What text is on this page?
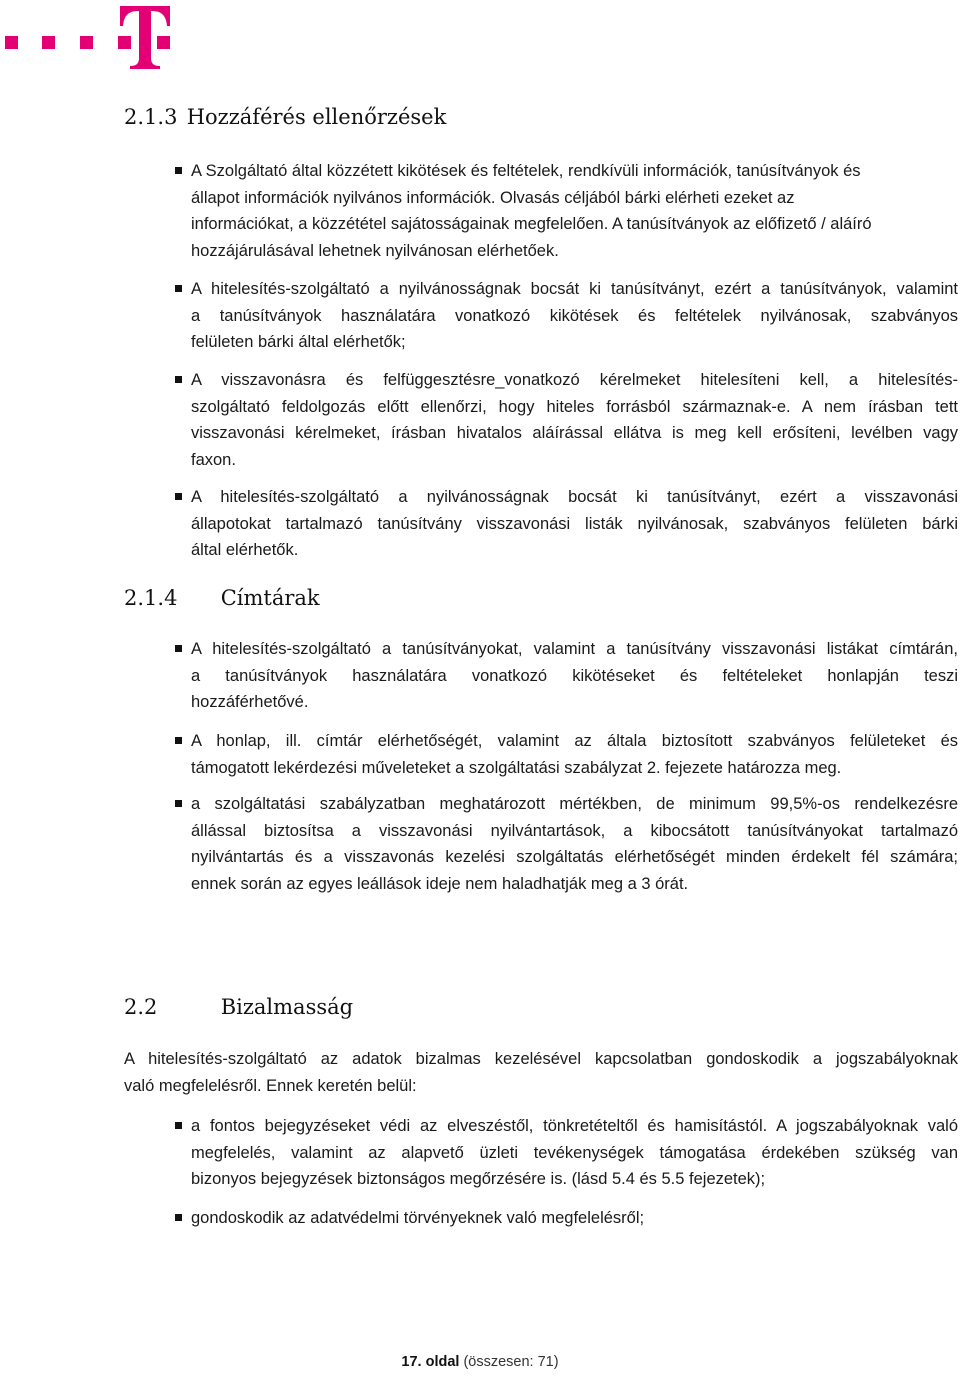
2.1.3 Hozzáférés ellenőrzések
A Szolgáltató által közzétett kikötések és feltételek, rendkívüli információk, tanúsítványok és
állapot információk nyilvános információk. Olvasás céljából bárki elérheti ezeket az
információkat, a közzététel sajátosságainak megfelelően. A tanúsítványok az előfizető / aláíró
hozzájárulásával lehetnek nyilvánosan elérhetőek.
A hitelesítés-szolgáltató a nyilvánosságnak bocsát ki tanúsítványt, ezért a tanúsítványok, valamint
a tanúsítványok használatára vonatkozó kikötések és feltételek nyilvánosak, szabványos
felületen bárki által elérhetők;
A visszavonásra és felfüggesztésre_vonatkozó kérelmeket hitelesíteni kell, a hitelesítés-
szolgáltató feldolgozás előtt ellenőrzi, hogy hiteles forrásból származnak-e. A nem írásban tett
visszavonási kérelmeket, írásban hivatalos aláírással ellátva is meg kell erősíteni, levélben vagy
faxon.
A hitelesítés-szolgáltató a nyilvánosságnak bocsát ki tanúsítványt, ezért a visszavonási
állapotokat tartalmazó tanúsítvány visszavonási listák nyilvánosak, szabványos felületen bárki
által elérhetők.
2.1.4 Címtárak
A hitelesítés-szolgáltató a tanúsítványokat, valamint a tanúsítvány visszavonási listákat címtárán,
a tanúsítványok használatára vonatkozó kikötéseket és feltételeket honlapján teszi
hozzáférhetővé.
A honlap, ill. címtár elérhetőségét, valamint az általa biztosított szabványos felületeket és
támogatott lekérdezési műveleteket a szolgáltatási szabályzat 2. fejezete határozza meg.
a szolgáltatási szabályzatban meghatározott mértékben, de minimum 99,5%-os rendelkezésre
állással biztosítsa a visszavonási nyilvántartások, a kibocsátott tanúsítványokat tartalmazó
nyilvántartás és a visszavonás kezelési szolgáltatás elérhetőségét minden érdekelt fél számára;
ennek során az egyes leállások ideje nem haladhatják meg a 3 órát.
2.2	Bizalmasság
A hitelesítés-szolgáltató az adatok bizalmas kezelésével kapcsolatban gondoskodik a jogszabályoknak
való megfelelésről. Ennek keretén belül:
a fontos bejegyzéseket védi az elveszéstől, tönkretételtől és hamisítástól. A jogszabályoknak való
megfelelés, valamint az alapvető üzleti tevékenységek támogatása érdekében szükség van
bizonyos bejegyzések biztonságos megőrzésére is. (lásd 5.4 és 5.5 fejezetek);
gondoskodik az adatvédelmi törvényeknek való megfelelésről;
17. oldal (összesen: 71)
